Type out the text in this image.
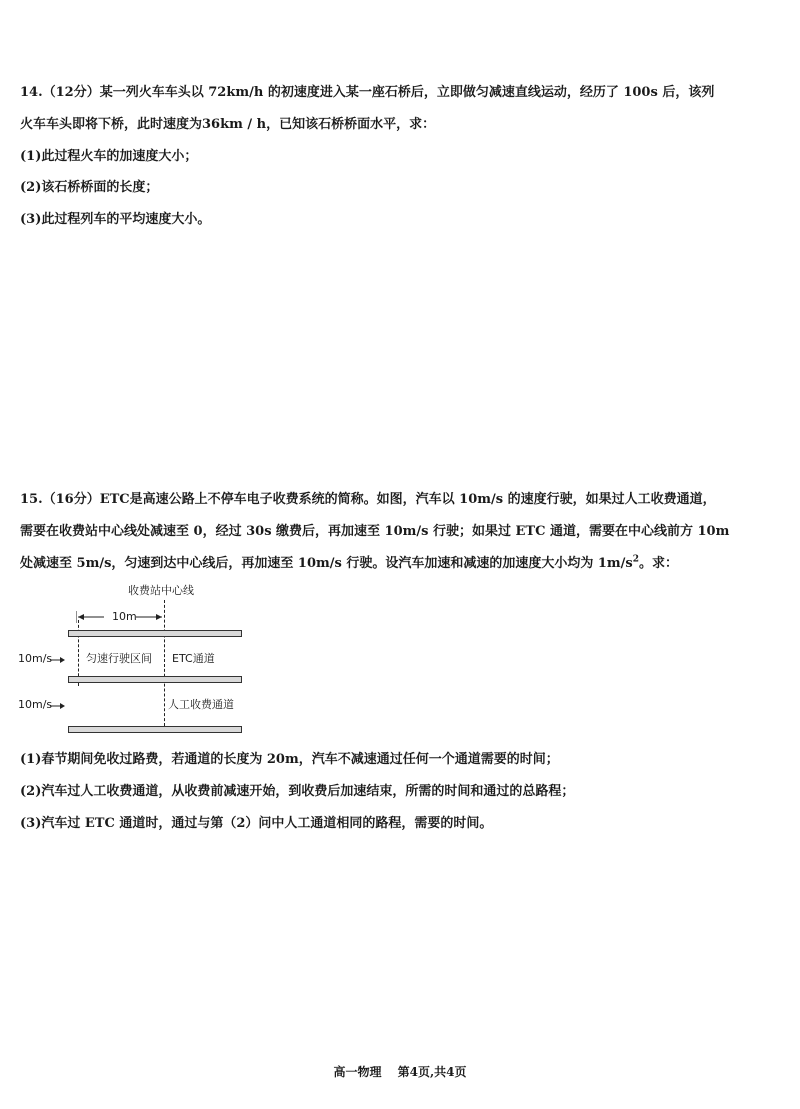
14.（12分）某一列火车车头以 72km/h 的初速度进入某一座石桥后，立即做匀减速直线运动，经历了 100s 后，该列
火车车头即将下桥，此时速度为36km / h，已知该石桥桥面水平，求：
(1)此过程火车的加速度大小；
(2)该石桥桥面的长度；
(3)此过程列车的平均速度大小。
15.（16分）ETC是高速公路上不停车电子收费系统的简称。如图，汽车以 10m/s 的速度行驶，如果过人工收费通道，
需要在收费站中心线处减速至 0，经过 30s 缴费后，再加速至 10m/s 行驶；如果过 ETC 通道，需要在中心线前方 10m
处减速至 5m/s，匀速到达中心线后，再加速至 10m/s 行驶。设汽车加速和减速的加速度大小均为 $1m/s^2$。求：
收费站中心线
10m
10m/s	匀速行驶区间 ETC通道
10m/s	人工收费通道
(1)春节期间免收过路费，若通道的长度为 20m，汽车不减速通过任何一个通道需要的时间；
(2)汽车过人工收费通道，从收费前减速开始，到收费后加速结束，所需的时间和通过的总路程；
(3)汽车过 ETC 通道时，通过与第（2）问中人工通道相同的路程，需要的时间。
高一物理 第4页,共4页
